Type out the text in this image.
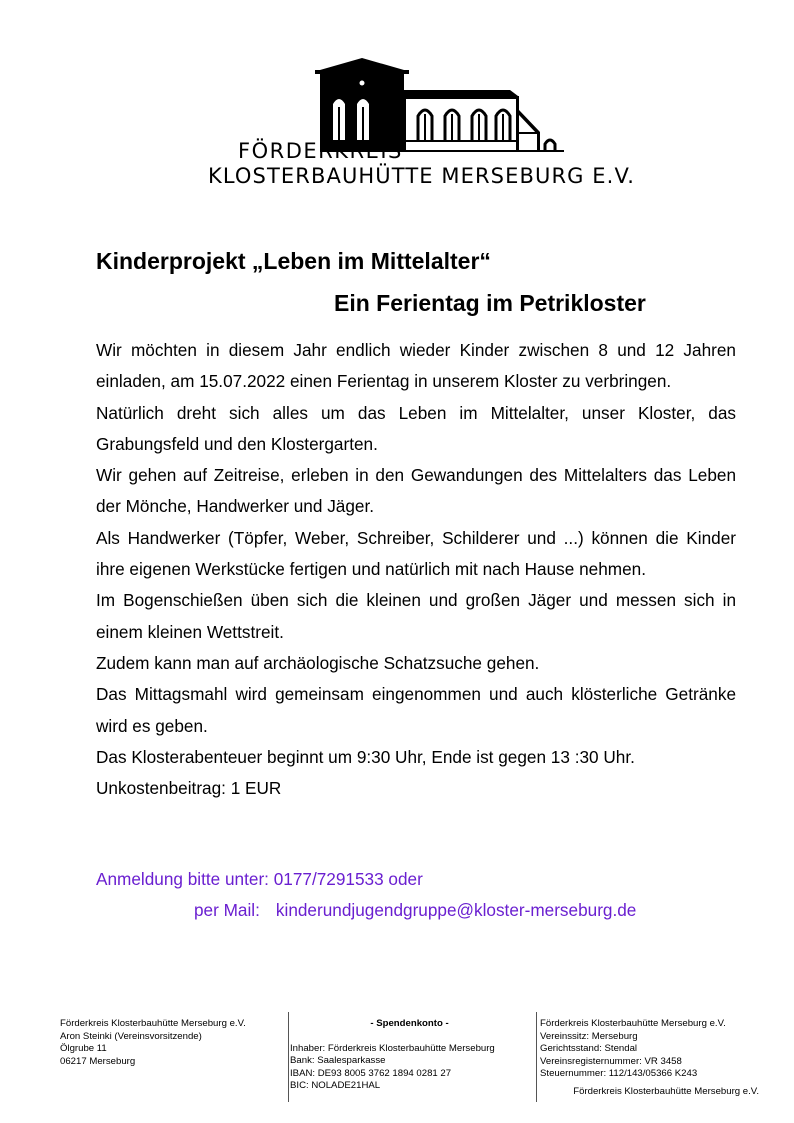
FÖRDERKREIS
KLOSTERBAUHÜTTE MERSEBURG E.V.
Kinderprojekt „Leben im Mittelalter“
Ein Ferientag im Petrikloster

Wir möchten in diesem Jahr endlich wieder Kinder zwischen 8 und 12 Jahren einladen, am 15.07.2022 einen Ferientag in unserem Kloster zu verbringen.

Natürlich dreht sich alles um das Leben im Mittelalter, unser Kloster, das Grabungsfeld und den Klostergarten.

Wir gehen auf Zeitreise, erleben in den Gewandungen des Mittelalters das Leben der Mönche, Handwerker und Jäger.

Als Handwerker (Töpfer, Weber, Schreiber, Schilderer und ...) können die Kinder ihre eigenen Werkstücke fertigen und natürlich mit nach Hause nehmen.

Im Bogenschießen üben sich die kleinen und großen Jäger und messen sich in einem kleinen Wettstreit.

Zudem kann man auf archäologische Schatzsuche gehen.

Das Mittagsmahl wird gemeinsam eingenommen und auch klösterliche Getränke wird es geben.

Das Klosterabenteuer beginnt um 9:30 Uhr, Ende ist gegen 13 :30 Uhr.

Unkostenbeitrag: 1 EUR

Anmeldung bitte unter: 0177/7291533 oder
per Mail: kinderundjugendgruppe@kloster-merseburg.de
Förderkreis Klosterbauhütte Merseburg e.V.
Aron Steinki (Vereinsvorsitzende)
Ölgrube 11
06217 Merseburg
- Spendenkonto -
Inhaber: Förderkreis Klosterbauhütte Merseburg
Bank: Saalesparkasse
IBAN: DE93 8005 3762 1894 0281 27
BIC: NOLADE21HAL
Förderkreis Klosterbauhütte Merseburg e.V.
Vereinssitz: Merseburg
Gerichtsstand: Stendal
Vereinsregisternummer: VR 3458
Steuernummer: 112/143/05366 K243
Förderkreis Klosterbauhütte Merseburg e.V.
